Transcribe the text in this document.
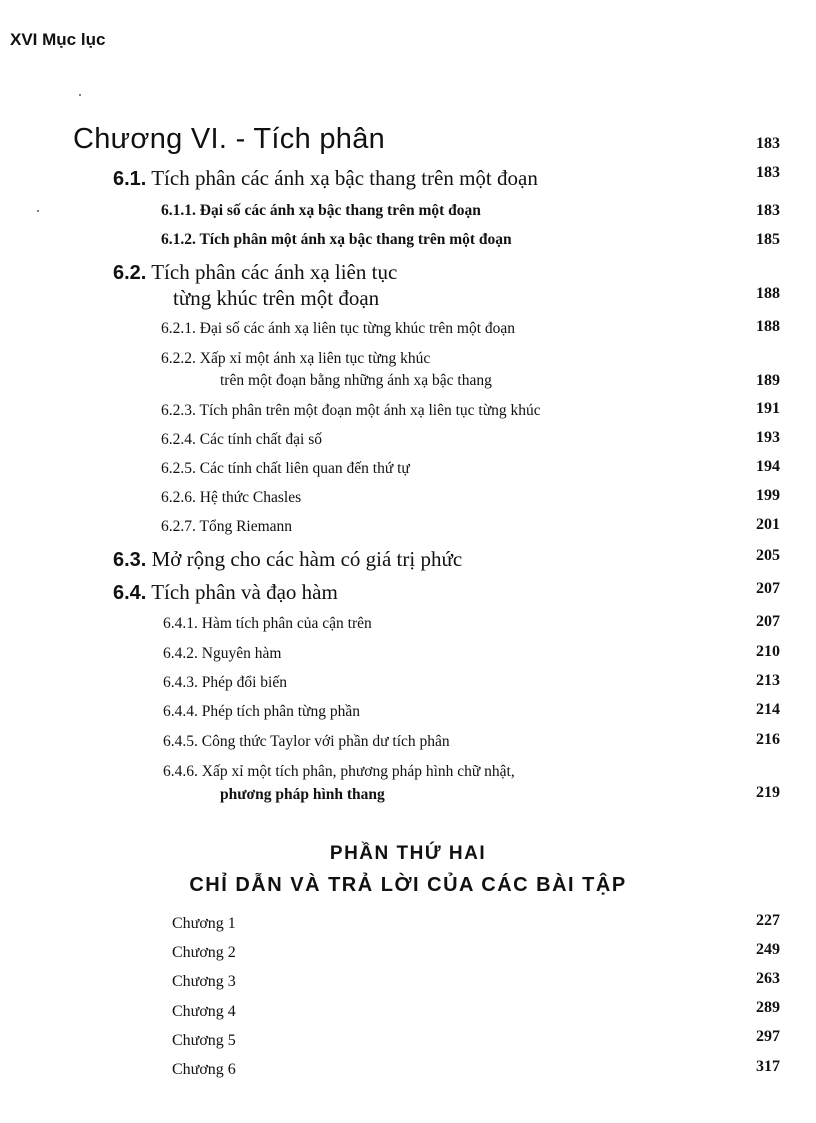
XVI Mục lục
Chương VI. - Tích phân	183
6.1. Tích phân các ánh xạ bậc thang trên một đoạn	183
6.1.1. Đại số các ánh xạ bậc thang trên một đoạn	183
6.1.2. Tích phân một ánh xạ bậc thang trên một đoạn	185
6.2. Tích phân các ánh xạ liên tục
từng khúc trên một đoạn	188
6.2.1. Đại số các ánh xạ liên tục từng khúc trên một đoạn	188
6.2.2. Xấp xỉ một ánh xạ liên tục từng khúc
trên một đoạn bằng những ánh xạ bậc thang	189
6.2.3. Tích phân trên một đoạn một ánh xạ liên tục từng khúc	191
6.2.4. Các tính chất đại số	193
6.2.5. Các tính chất liên quan đến thứ tự	194
6.2.6. Hệ thức Chasles	199
6.2.7. Tổng Riemann	201
6.3. Mở rộng cho các hàm có giá trị phức	205
6.4. Tích phân và đạo hàm	207
6.4.1. Hàm tích phân của cận trên	207
6.4.2. Nguyên hàm	210
6.4.3. Phép đổi biến	213
6.4.4. Phép tích phân từng phần	214
6.4.5. Công thức Taylor với phần dư tích phân	216
6.4.6. Xấp xỉ một tích phân, phương pháp hình chữ nhật,
phương pháp hình thang	219
PHẦN THỨ HAI
CHỈ DẪN VÀ TRẢ LỜI CỦA CÁC BÀI TẬP
Chương 1	227
Chương 2	249
Chương 3	263
Chương 4	289
Chương 5	297
Chương 6	317
